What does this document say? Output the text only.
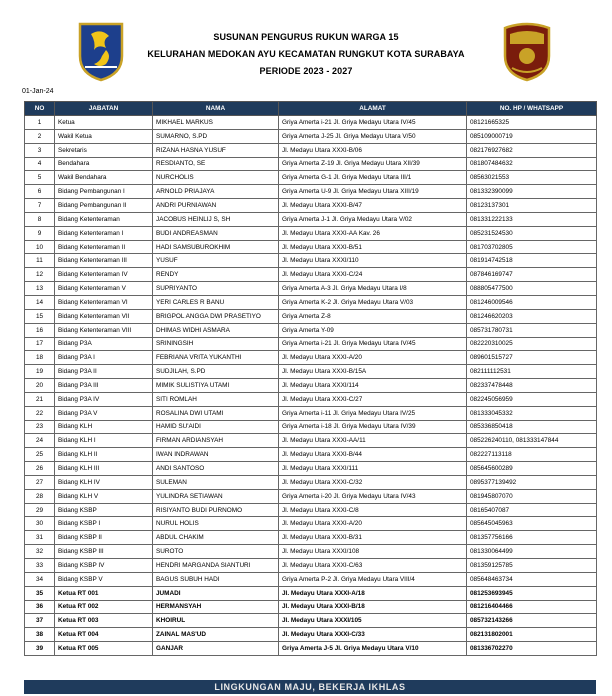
SUSUNAN PENGURUS RUKUN WARGA 15
KELURAHAN MEDOKAN AYU KECAMATAN RUNGKUT KOTA SURABAYA
PERIODE 2023 - 2027
01-Jan-24
NO	JABATAN	NAMA	ALAMAT	NO. HP / WHATSAPP
1	Ketua	MIKHAEL MARKUS	Griya Amerta i-21 Jl. Griya Medayu Utara IV/45	08121665325
2	Wakil Ketua	SUMARNO, S.PD	Griya Amerta J-25 Jl. Griya Medayu Utara V/50	085109000719
3	Sekretaris	RIZANA HASNA YUSUF	Jl. Medayu Utara XXXI-B/06	082176927682
4	Bendahara	RESDIANTO, SE	Griya Amerta Z-19 Jl. Griya Medayu Utara XII/39	081807484632
5	Wakil Bendahara	NURCHOLIS	Griya Amerta G-1 Jl. Griya Medayu Utara III/1	08563021553
6	Bidang Pembangunan I	ARNOLD PRIAJAYA	Griya Amerta U-9 Jl. Griya Medayu Utara XIII/19	081332390099
7	Bidang Pembangunan II	ANDRI PURNIAWAN	Jl. Medayu Utara XXXI-B/47	08123137301
8	Bidang Ketenteraman	JACOBUS HEINLIJ S, SH	Griya Amerta J-1 Jl. Griya Medayu Utara V/02	081331222133
9	Bidang Ketenteraman I	BUDI ANDREASMAN	Jl. Medayu Utara XXXI-AA Kav. 26	085231524530
10	Bidang Ketenteraman II	HADI SAMSUBUROKHIM	Jl. Medayu Utara XXXI-B/51	081703702805
11	Bidang Ketenteraman III	YUSUF	Jl. Medayu Utara XXXI/110	081914742518
12	Bidang Ketenteraman IV	RENDY	Jl. Medayu Utara XXXI-C/24	087846169747
13	Bidang Ketenteraman V	SUPRIYANTO	Griya Amerta A-3 Jl. Griya Medayu Utara I/8	088805477500
14	Bidang Ketenteraman VI	YERI CARLES R BANU	Griya Amerta K-2 Jl. Griya Medayu Utara V/03	081246009546
15	Bidang Ketenteraman VII	BRIGPOL ANGGA DWI PRASETIYO	Griya Amerta Z-8	081246620203
16	Bidang Ketenteraman VIII	DHIMAS WIDHI ASMARA	Griya Amerta Y-09	085731780731
17	Bidang P3A	SRININGSIH	Griya Amerta i-21 Jl. Griya Medayu Utara IV/45	082220310025
18	Bidang P3A I	FEBRIANA VRITA YUKANTHI	Jl. Medayu Utara XXXI-A/20	089601515727
19	Bidang P3A II	SUDJILAH, S.PD	Jl. Medayu Utara XXXI-B/15A	082111112531
20	Bidang P3A III	MIMIK SULISTIYA UTAMI	Jl. Medayu Utara XXXI/114	082337478448
21	Bidang P3A IV	SITI ROMLAH	Jl. Medayu Utara XXXI-C/27	082245056959
22	Bidang P3A V	ROSALINA DWI UTAMI	Griya Amerta i-11 Jl. Griya Medayu Utara IV/25	081333045332
23	Bidang KLH	HAMID SU'AIDI	Griya Amerta i-18 Jl. Griya Medayu Utara IV/39	085336850418
24	Bidang KLH I	FIRMAN ARDIANSYAH	Jl. Medayu Utara XXXI-AA/11	085226240110, 081333147844
25	Bidang KLH II	IWAN INDRAWAN	Jl. Medayu Utara XXXI-B/44	082227113118
26	Bidang KLH III	ANDI SANTOSO	Jl. Medayu Utara XXXI/111	085645600289
27	Bidang KLH IV	SULEMAN	Jl. Medayu Utara XXXI-C/32	0895377139492
28	Bidang KLH V	YULINDRA SETIAWAN	Griya Amerta i-20 Jl. Griya Medayu Utara IV/43	081945807070
29	Bidang KSBP	RISIYANTO BUDI PURNOMO	Jl. Medayu Utara XXXI-C/8	08165407087
30	Bidang KSBP I	NURUL HOLIS	Jl. Medayu Utara XXXI-A/20	085645045963
31	Bidang KSBP II	ABDUL CHAKIM	Jl. Medayu Utara XXXI-B/31	081357756166
32	Bidang KSBP III	SUROTO	Jl. Medayu Utara XXXI/108	081330064499
33	Bidang KSBP IV	HENDRI MARGANDA SIANTURI	Jl. Medayu Utara XXXI-C/63	081359125785
34	Bidang KSBP V	BAGUS SUBUH HADI	Griya Amerta P-2 Jl. Griya Medayu Utara VIII/4	085648463734
35	Ketua RT 001	JUMADI	Jl. Medayu Utara XXXI-A/18	081253693945
36	Ketua RT 002	HERMANSYAH	Jl. Medayu Utara XXXI-B/18	081216404466
37	Ketua RT 003	KHOIRUL	Jl. Medayu Utara XXXI/105	085732143266
38	Ketua RT 004	ZAINAL MAS'UD	Jl. Medayu Utara XXXI-C/33	082131802001
39	Ketua RT 005	GANJAR	Griya Amerta J-5 Jl. Griya Medayu Utara V/10	081336702270
LINGKUNGAN MAJU, BEKERJA IKHLAS
